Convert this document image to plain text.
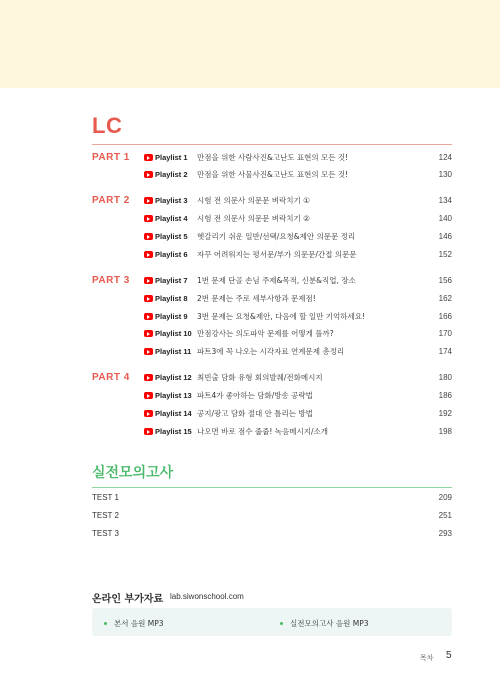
LC
PART 1	Playlist 1 만점을 위한 사람사진&고난도 표현의 모든 것!	124
Playlist 2 만점을 위한 사물사진&고난도 표현의 모든 것!	130
PART 2	Playlist 3 시험 전 의문사 의문문 벼락치기 ①	134
Playlist 4 시험 전 의문사 의문문 벼락치기 ②	140
Playlist 5 헷갈리기 쉬운 일반/선택/요청&제안 의문문 정리	146
Playlist 6 자꾸 어려워지는 평서문/부가 의문문/간접 의문문	152
PART 3	Playlist 7 1번 문제 단골 손님 주제&목적, 신분&직업, 장소	156
Playlist 8 2번 문제는 주로 세부사항과 문제점!	162
Playlist 9 3번 문제는 요청&제안, 다음에 할 일만 기억하세요!	166
Playlist 10 만점강사는 의도파악 문제를 어떻게 풀까?	170
Playlist 11 파트3에 꼭 나오는 시각자료 연계문제 총정리	174
PART 4	Playlist 12 최빈출 담화 유형 회의발췌/전화메시지	180
Playlist 13 파트4가 좋아하는 담화/방송 공략법	186
Playlist 14 공지/광고 담화 절대 안 틀리는 방법	192
Playlist 15 나오면 바로 점수 줍줍! 녹음메시지/소개	198
실전모의고사
TEST 1	209
TEST 2	251
TEST 3	293
온라인 부가자료 lab.siwonschool.com
본서 음원 MP3	실전모의고사 음원 MP3
목차 5
